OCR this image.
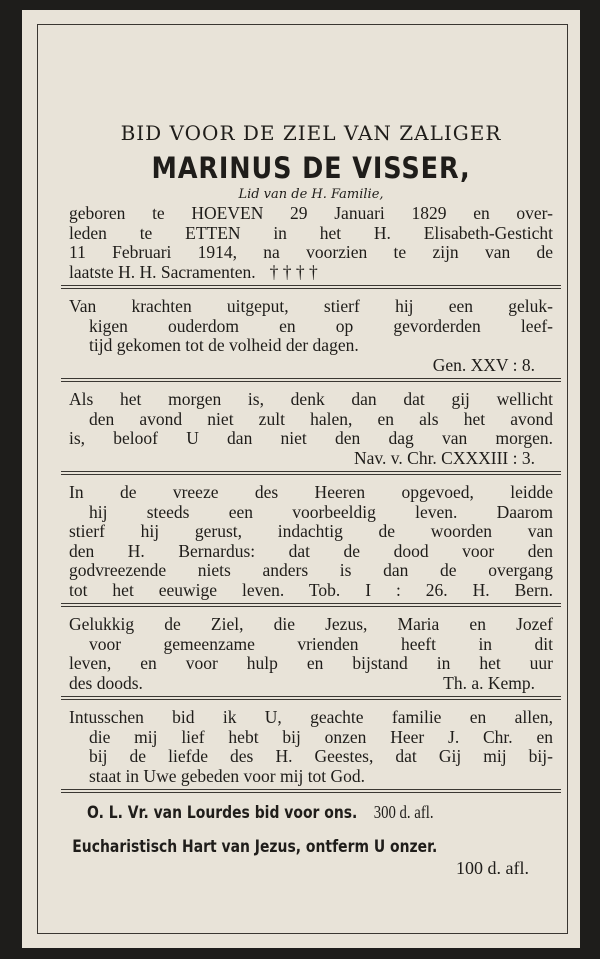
BID VOOR DE ZIEL VAN ZALIGER

MARINUS DE VISSER,

Lid van de H. Familie,

geboren te HOEVEN 29 Januari 1829 en over-
leden te ETTEN in het H. Elisabeth-Gesticht
11 Februari 1914, na voorzien te zijn van de
laatste H. H. Sacramenten. † † † †
Van krachten uitgeput, stierf hij een geluk-
kigen ouderdom en op gevorderden leef-
tijd gekomen tot de volheid der dagen.
Gen. XXV : 8.
Als het morgen is, denk dan dat gij wellicht
den avond niet zult halen, en als het avond
is, beloof U dan niet den dag van morgen.
Nav. v. Chr. CXXXIII : 3.
In de vreeze des Heeren opgevoed, leidde
hij steeds een voorbeeldig leven. Daarom
stierf hij gerust, indachtig de woorden van
den H. Bernardus: dat de dood voor den
godvreezende niets anders is dan de overgang
tot het eeuwige leven. Tob. I : 26. H. Bern.
Gelukkig de Ziel, die Jezus, Maria en Jozef
voor gemeenzame vrienden heeft in dit
leven, en voor hulp en bijstand in het uur
des doods.	Th. a. Kemp.
Intusschen bid ik U, geachte familie en allen,
die mij lief hebt bij onzen Heer J. Chr. en
bij de liefde des H. Geestes, dat Gij mij bij-
staat in Uwe gebeden voor mij tot God.

O. L. Vr. van Lourdes bid voor ons. 300 d. afl.

Eucharistisch Hart van Jezus, ontferm U onzer.

100 d. afl.
